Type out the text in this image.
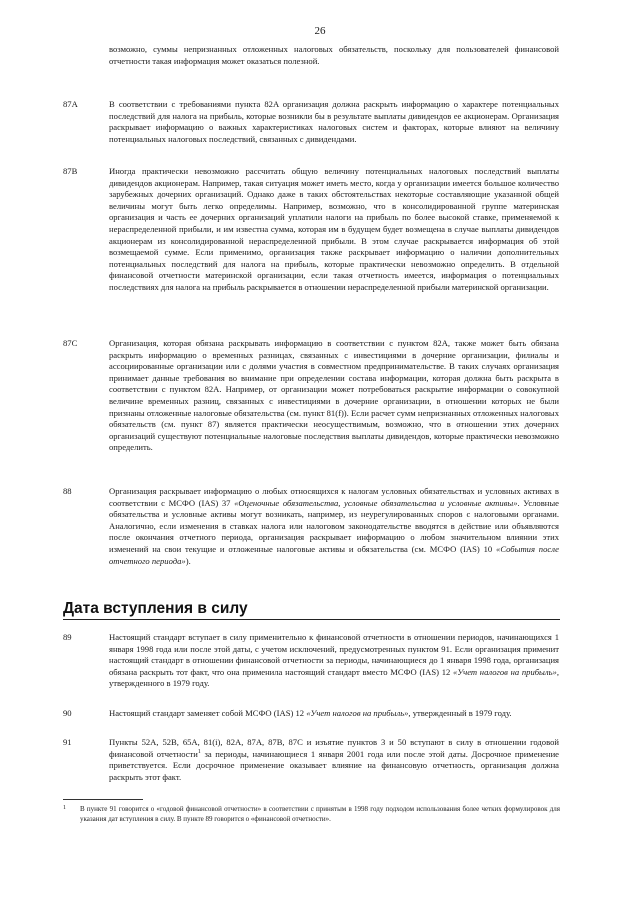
26
возможно, суммы непризнанных отложенных налоговых обязательств, поскольку для пользователей финансовой отчетности такая информация может оказаться полезной.
87A	В соответствии с требованиями пункта 82A организация должна раскрыть информацию о характере потенциальных последствий для налога на прибыль, которые возникли бы в результате выплаты дивидендов ее акционерам. Организация раскрывает информацию о важных характеристиках налоговых систем и факторах, которые влияют на величину потенциальных налоговых последствий, связанных с дивидендами.
87B	Иногда практически невозможно рассчитать общую величину потенциальных налоговых последствий выплаты дивидендов акционерам. Например, такая ситуация может иметь место, когда у организации имеется большое количество зарубежных дочерних организаций. Однако даже в таких обстоятельствах некоторые составляющие указанной общей величины могут быть легко определимы. Например, возможно, что в консолидированной группе материнская организация и часть ее дочерних организаций уплатили налоги на прибыль по более высокой ставке, применяемой к нераспределенной прибыли, и им известна сумма, которая им в будущем будет возмещена в случае выплаты дивидендов акционерам из консолидированной нераспределенной прибыли. В этом случае раскрывается информация об этой возмещаемой сумме. Если применимо, организация также раскрывает информацию о наличии дополнительных потенциальных последствий для налога на прибыль, которые практически невозможно определить. В отдельной финансовой отчетности материнской организации, если такая отчетность имеется, информация о потенциальных последствиях для налога на прибыль раскрывается в отношении нераспределенной прибыли материнской организации.
87C	Организация, которая обязана раскрывать информацию в соответствии с пунктом 82A, также может быть обязана раскрыть информацию о временных разницах, связанных с инвестициями в дочерние организации, филиалы и ассоциированные организации или с долями участия в совместном предпринимательстве. В таких случаях организация принимает данные требования во внимание при определении состава информации, которая должна быть раскрыта в соответствии с пунктом 82A. Например, от организации может потребоваться раскрытие информации о совокупной величине временных разниц, связанных с инвестициями в дочерние организации, в отношении которых не были признаны отложенные налоговые обязательства (см. пункт 81(f)). Если расчет сумм непризнанных отложенных налоговых обязательств (см. пункт 87) является практически неосуществимым, возможно, что в отношении этих дочерних организаций существуют потенциальные налоговые последствия выплаты дивидендов, которые практически невозможно определить.
88	Организация раскрывает информацию о любых относящихся к налогам условных обязательствах и условных активах в соответствии с МСФО (IAS) 37 «Оценочные обязательства, условные обязательства и условные активы». Условные обязательства и условные активы могут возникать, например, из неурегулированных споров с налоговыми органами. Аналогично, если изменения в ставках налога или налоговом законодательстве вводятся в действие или объявляются после окончания отчетного периода, организация раскрывает информацию о любом значительном влиянии этих изменений на свои текущие и отложенные налоговые активы и обязательства (см. МСФО (IAS) 10 «События после отчетного периода»).
Дата вступления в силу
89	Настоящий стандарт вступает в силу применительно к финансовой отчетности в отношении периодов, начинающихся 1 января 1998 года или после этой даты, с учетом исключений, предусмотренных пунктом 91. Если организация применит настоящий стандарт в отношении финансовой отчетности за периоды, начинающиеся до 1 января 1998 года, организация обязана раскрыть тот факт, что она применила настоящий стандарт вместо МСФО (IAS) 12 «Учет налогов на прибыль», утвержденного в 1979 году.
90	Настоящий стандарт заменяет собой МСФО (IAS) 12 «Учет налогов на прибыль», утвержденный в 1979 году.
91	Пункты 52A, 52B, 65A, 81(i), 82A, 87A, 87B, 87C и изъятие пунктов 3 и 50 вступают в силу в отношении годовой финансовой отчетности$^1$ за периоды, начинающиеся 1 января 2001 года или после этой даты. Досрочное применение приветствуется. Если досрочное применение оказывает влияние на финансовую отчетность, организация должна раскрыть этот факт.
1 В пункте 91 говорится о «годовой финансовой отчетности» в соответствии с принятым в 1998 году подходом использования более четких формулировок для указания дат вступления в силу. В пункте 89 говорится о «финансовой отчетности».
